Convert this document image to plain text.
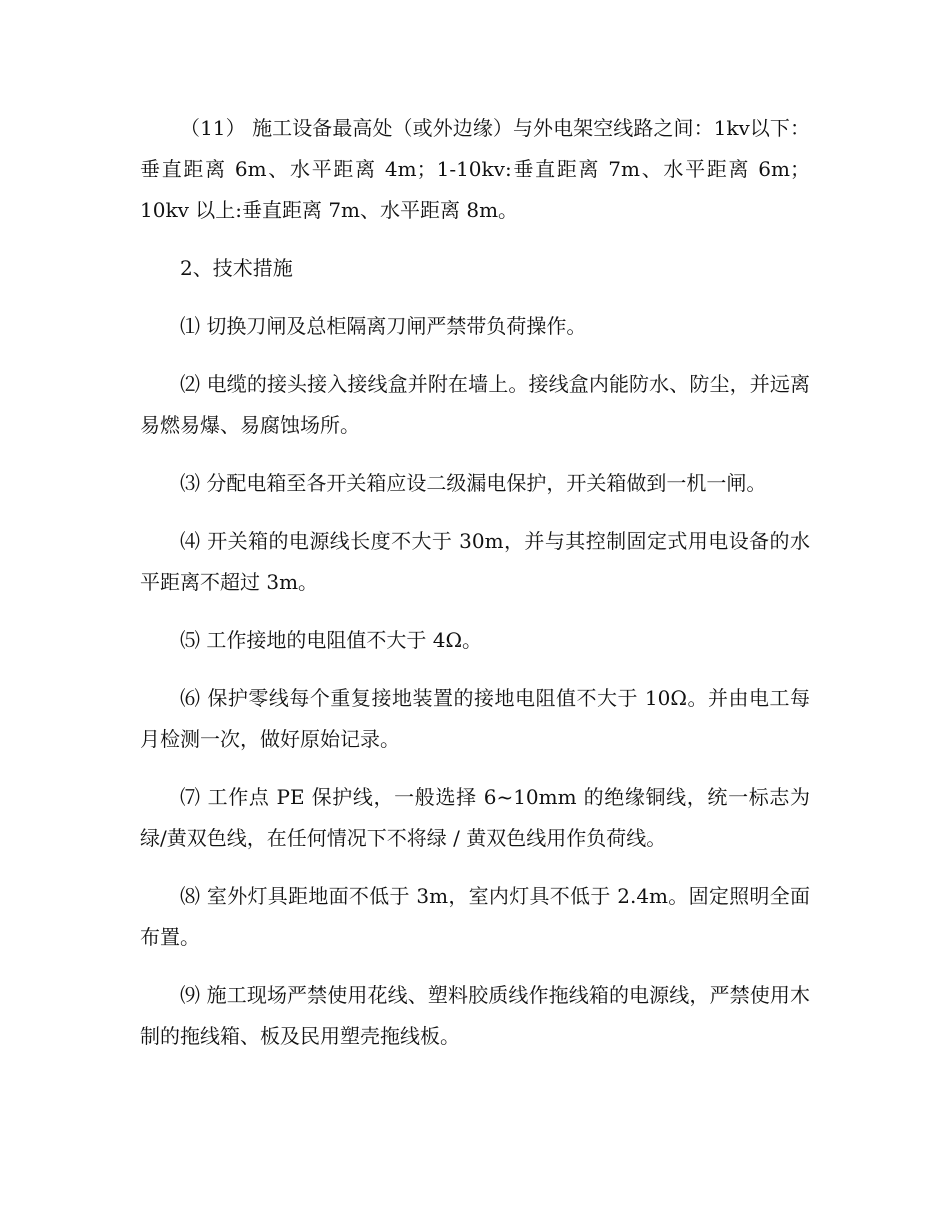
（11） 施工设备最高处（或外边缘）与外电架空线路之间：1kv以下：垂直距离 6m、水平距离 4m；1-10kv:垂直距离 7m、水平距离 6m；10kv 以上:垂直距离 7m、水平距离 8m。

2、技术措施

⑴ 切换刀闸及总柜隔离刀闸严禁带负荷操作。

⑵ 电缆的接头接入接线盒并附在墙上。接线盒内能防水、防尘，并远离易燃易爆、易腐蚀场所。

⑶ 分配电箱至各开关箱应设二级漏电保护，开关箱做到一机一闸。

⑷ 开关箱的电源线长度不大于 30m，并与其控制固定式用电设备的水平距离不超过 3m。

⑸ 工作接地的电阻值不大于 4Ω。

⑹ 保护零线每个重复接地装置的接地电阻值不大于 10Ω。并由电工每月检测一次，做好原始记录。

⑺ 工作点 PE 保护线，一般选择 6~10mm 的绝缘铜线，统一标志为绿/黄双色线，在任何情况下不将绿 / 黄双色线用作负荷线。

⑻ 室外灯具距地面不低于 3m，室内灯具不低于 2.4m。固定照明全面布置。

⑼ 施工现场严禁使用花线、塑料胶质线作拖线箱的电源线，严禁使用木制的拖线箱、板及民用塑壳拖线板。
